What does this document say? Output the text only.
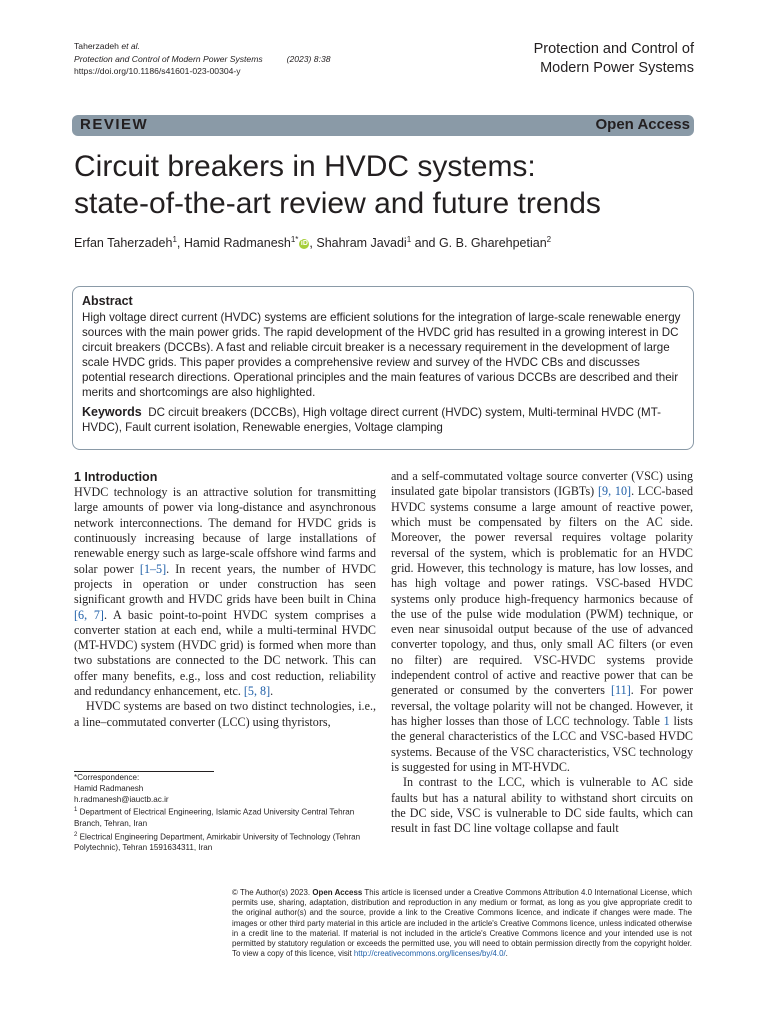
Taherzadeh et al.
Protection and Control of Modern Power Systems	(2023) 8:38
https://doi.org/10.1186/s41601-023-00304-y
Protection and Control of
Modern Power Systems
REVIEW	Open Access
Circuit breakers in HVDC systems:
state-of-the-art review and future trends
Erfan Taherzadeh$^1$, Hamid Radmanesh$^{1*}$ iD , Shahram Javadi$^1$ and G. B. Gharehpetian$^2$
Abstract

High voltage direct current (HVDC) systems are efficient solutions for the integration of large-scale renewable energy sources with the main power grids. The rapid development of the HVDC grid has resulted in a growing interest in DC circuit breakers (DCCBs). A fast and reliable circuit breaker is a necessary requirement in the development of large scale HVDC grids. This paper provides a comprehensive review and survey of the HVDC CBs and discusses potential research directions. Operational principles and the main features of various DCCBs are described and their merits and shortcomings are also highlighted.

Keywords DC circuit breakers (DCCBs), High voltage direct current (HVDC) system, Multi-terminal HVDC (MT-HVDC), Fault current isolation, Renewable energies, Voltage clamping

1 Introduction

HVDC technology is an attractive solution for transmitting large amounts of power via long-distance and asynchronous network interconnections. The demand for HVDC grids is continuously increasing because of large installations of renewable energy such as large-scale offshore wind farms and solar power [1–5]. In recent years, the number of HVDC projects in operation or under construction has seen significant growth and HVDC grids have been built in China [6, 7]. A basic point-to-point HVDC system comprises a converter station at each end, while a multi-terminal HVDC (MT-HVDC) system (HVDC grid) is formed when more than two substations are connected to the DC network. This can offer many benefits, e.g., loss and cost reduction, reliability and redundancy enhancement, etc. [5, 8].

HVDC systems are based on two distinct technologies, i.e., a line–commutated converter (LCC) using thyristors,

and a self-commutated voltage source converter (VSC) using insulated gate bipolar transistors (IGBTs) [9, 10]. LCC-based HVDC systems consume a large amount of reactive power, which must be compensated by filters on the AC side. Moreover, the power reversal requires voltage polarity reversal of the system, which is problematic for an HVDC grid. However, this technology is mature, has low losses, and has high voltage and power ratings. VSC-based HVDC systems only produce high-frequency harmonics because of the use of the pulse wide modulation (PWM) technique, or even near sinusoidal output because of the use of advanced converter topology, and thus, only small AC filters (or even no filter) are required. VSC-HVDC systems provide independent control of active and reactive power that can be generated or consumed by the converters [11]. For power reversal, the voltage polarity will not be changed. However, it has higher losses than those of LCC technology. Table 1 lists the general characteristics of the LCC and VSC-based HVDC systems. Because of the VSC characteristics, VSC technology is suggested for using in MT-HVDC.

In contrast to the LCC, which is vulnerable to AC side faults but has a natural ability to withstand short circuits on the DC side, VSC is vulnerable to DC side faults, which can result in fast DC line voltage collapse and fault

*Correspondence:
Hamid Radmanesh
h.radmanesh@iauctb.ac.ir
$^1$ Department of Electrical Engineering, Islamic Azad University Central Tehran Branch, Tehran, Iran
$^2$ Electrical Engineering Department, Amirkabir University of Technology (Tehran Polytechnic), Tehran 1591634311, Iran
© The Author(s) 2023. Open Access This article is licensed under a Creative Commons Attribution 4.0 International License, which permits use, sharing, adaptation, distribution and reproduction in any medium or format, as long as you give appropriate credit to the original author(s) and the source, provide a link to the Creative Commons licence, and indicate if changes were made. The images or other third party material in this article are included in the article's Creative Commons licence, unless indicated otherwise in a credit line to the material. If material is not included in the article's Creative Commons licence and your intended use is not permitted by statutory regulation or exceeds the permitted use, you will need to obtain permission directly from the copyright holder. To view a copy of this licence, visit http://creativecommons.org/licenses/by/4.0/.
